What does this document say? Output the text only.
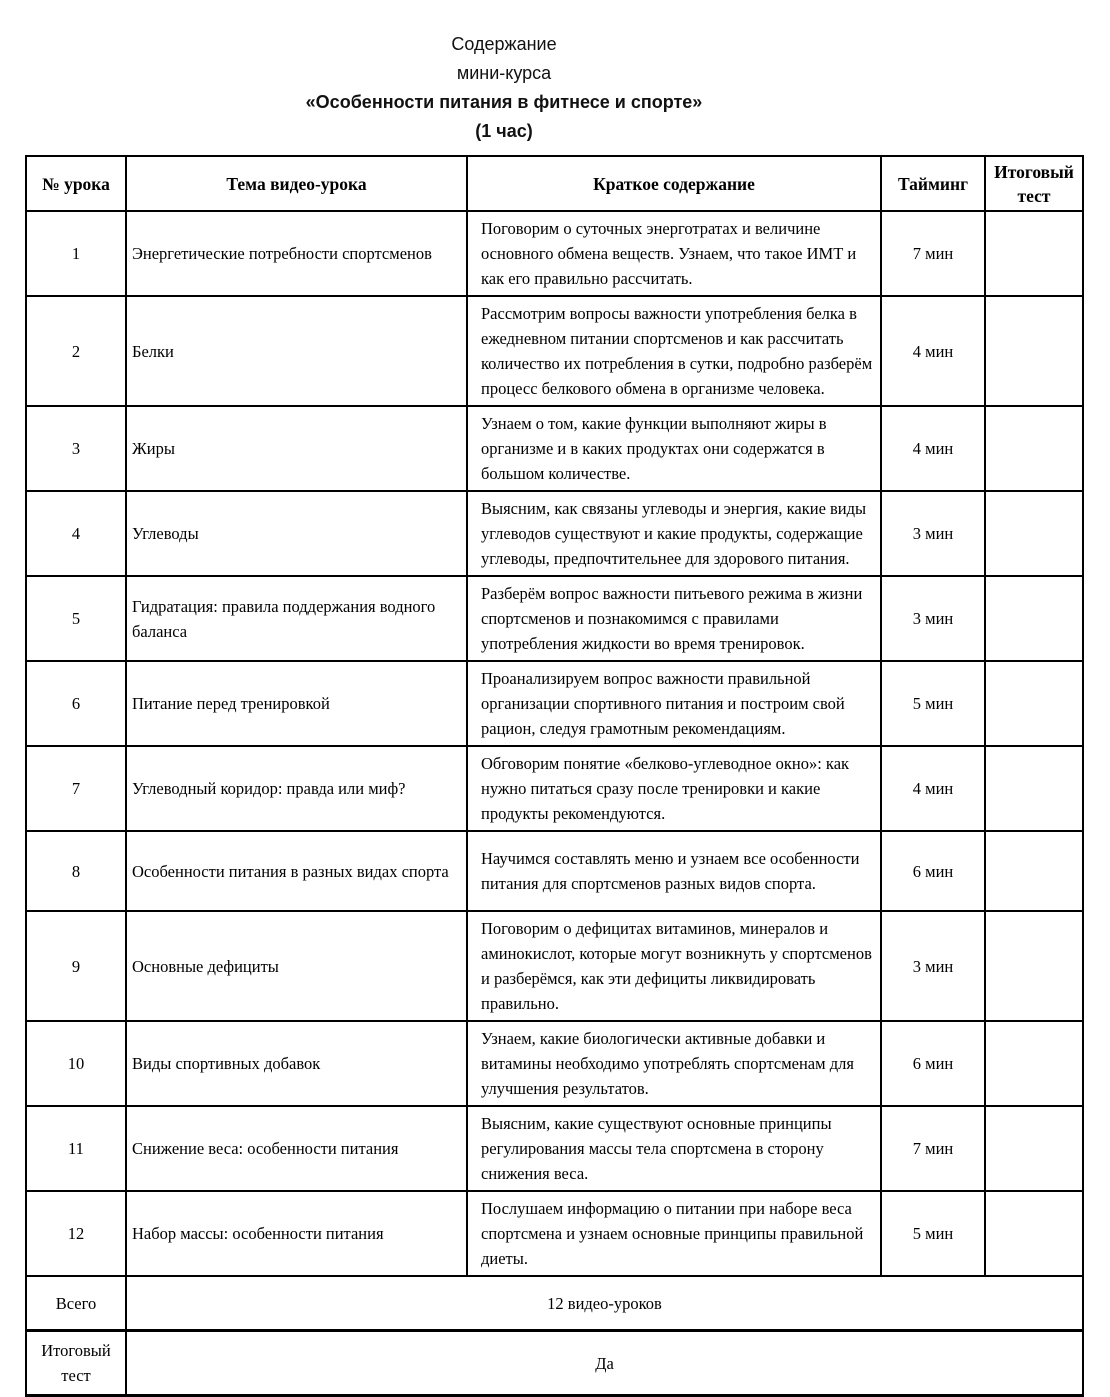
Содержание
мини-курса
«Особенности питания в фитнесе и спорте»
(1 час)
№ урока	Тема видео-урока	Краткое содержание	Тайминг	Итоговый тест
1	Энергетические потребности спортсменов	Поговорим о суточных энерготратах и величине основного обмена веществ. Узнаем, что такое ИМТ и как его правильно рассчитать.	7 мин	
2	Белки	Рассмотрим вопросы важности употребления белка в ежедневном питании спортсменов и как рассчитать количество их потребления в сутки, подробно разберём процесс белкового обмена в организме человека.	4 мин	
3	Жиры	Узнаем о том, какие функции выполняют жиры в организме и в каких продуктах они содержатся в большом количестве.	4 мин	
4	Углеводы	Выясним, как связаны углеводы и энергия, какие виды углеводов существуют и какие продукты, содержащие углеводы, предпочтительнее для здорового питания.	3 мин	
5	Гидратация: правила поддержания водного баланса	Разберём вопрос важности питьевого режима в жизни спортсменов и познакомимся с правилами употребления жидкости во время тренировок.	3 мин	
6	Питание перед тренировкой	Проанализируем вопрос важности правильной организации спортивного питания и построим свой рацион, следуя грамотным рекомендациям.	5 мин	
7	Углеводный коридор: правда или миф?	Обговорим понятие «белково-углеводное окно»: как нужно питаться сразу после тренировки и какие продукты рекомендуются.	4 мин	
8	Особенности питания в разных видах спорта	Научимся составлять меню и узнаем все особенности питания для спортсменов разных видов спорта.	6 мин	
9	Основные дефициты	Поговорим о дефицитах витаминов, минералов и аминокислот, которые могут возникнуть у спортсменов и разберёмся, как эти дефициты ликвидировать правильно.	3 мин	
10	Виды спортивных добавок	Узнаем, какие биологически активные добавки и витамины необходимо употреблять спортсменам для улучшения результатов.	6 мин	
11	Снижение веса: особенности питания	Выясним, какие существуют основные принципы регулирования массы тела спортсмена в сторону снижения веса.	7 мин	
12	Набор массы: особенности питания	Послушаем информацию о питании при наборе веса спортсмена и узнаем основные принципы правильной диеты.	5 мин	
Всего	12 видео-уроков			
Итоговый тест	Да			
